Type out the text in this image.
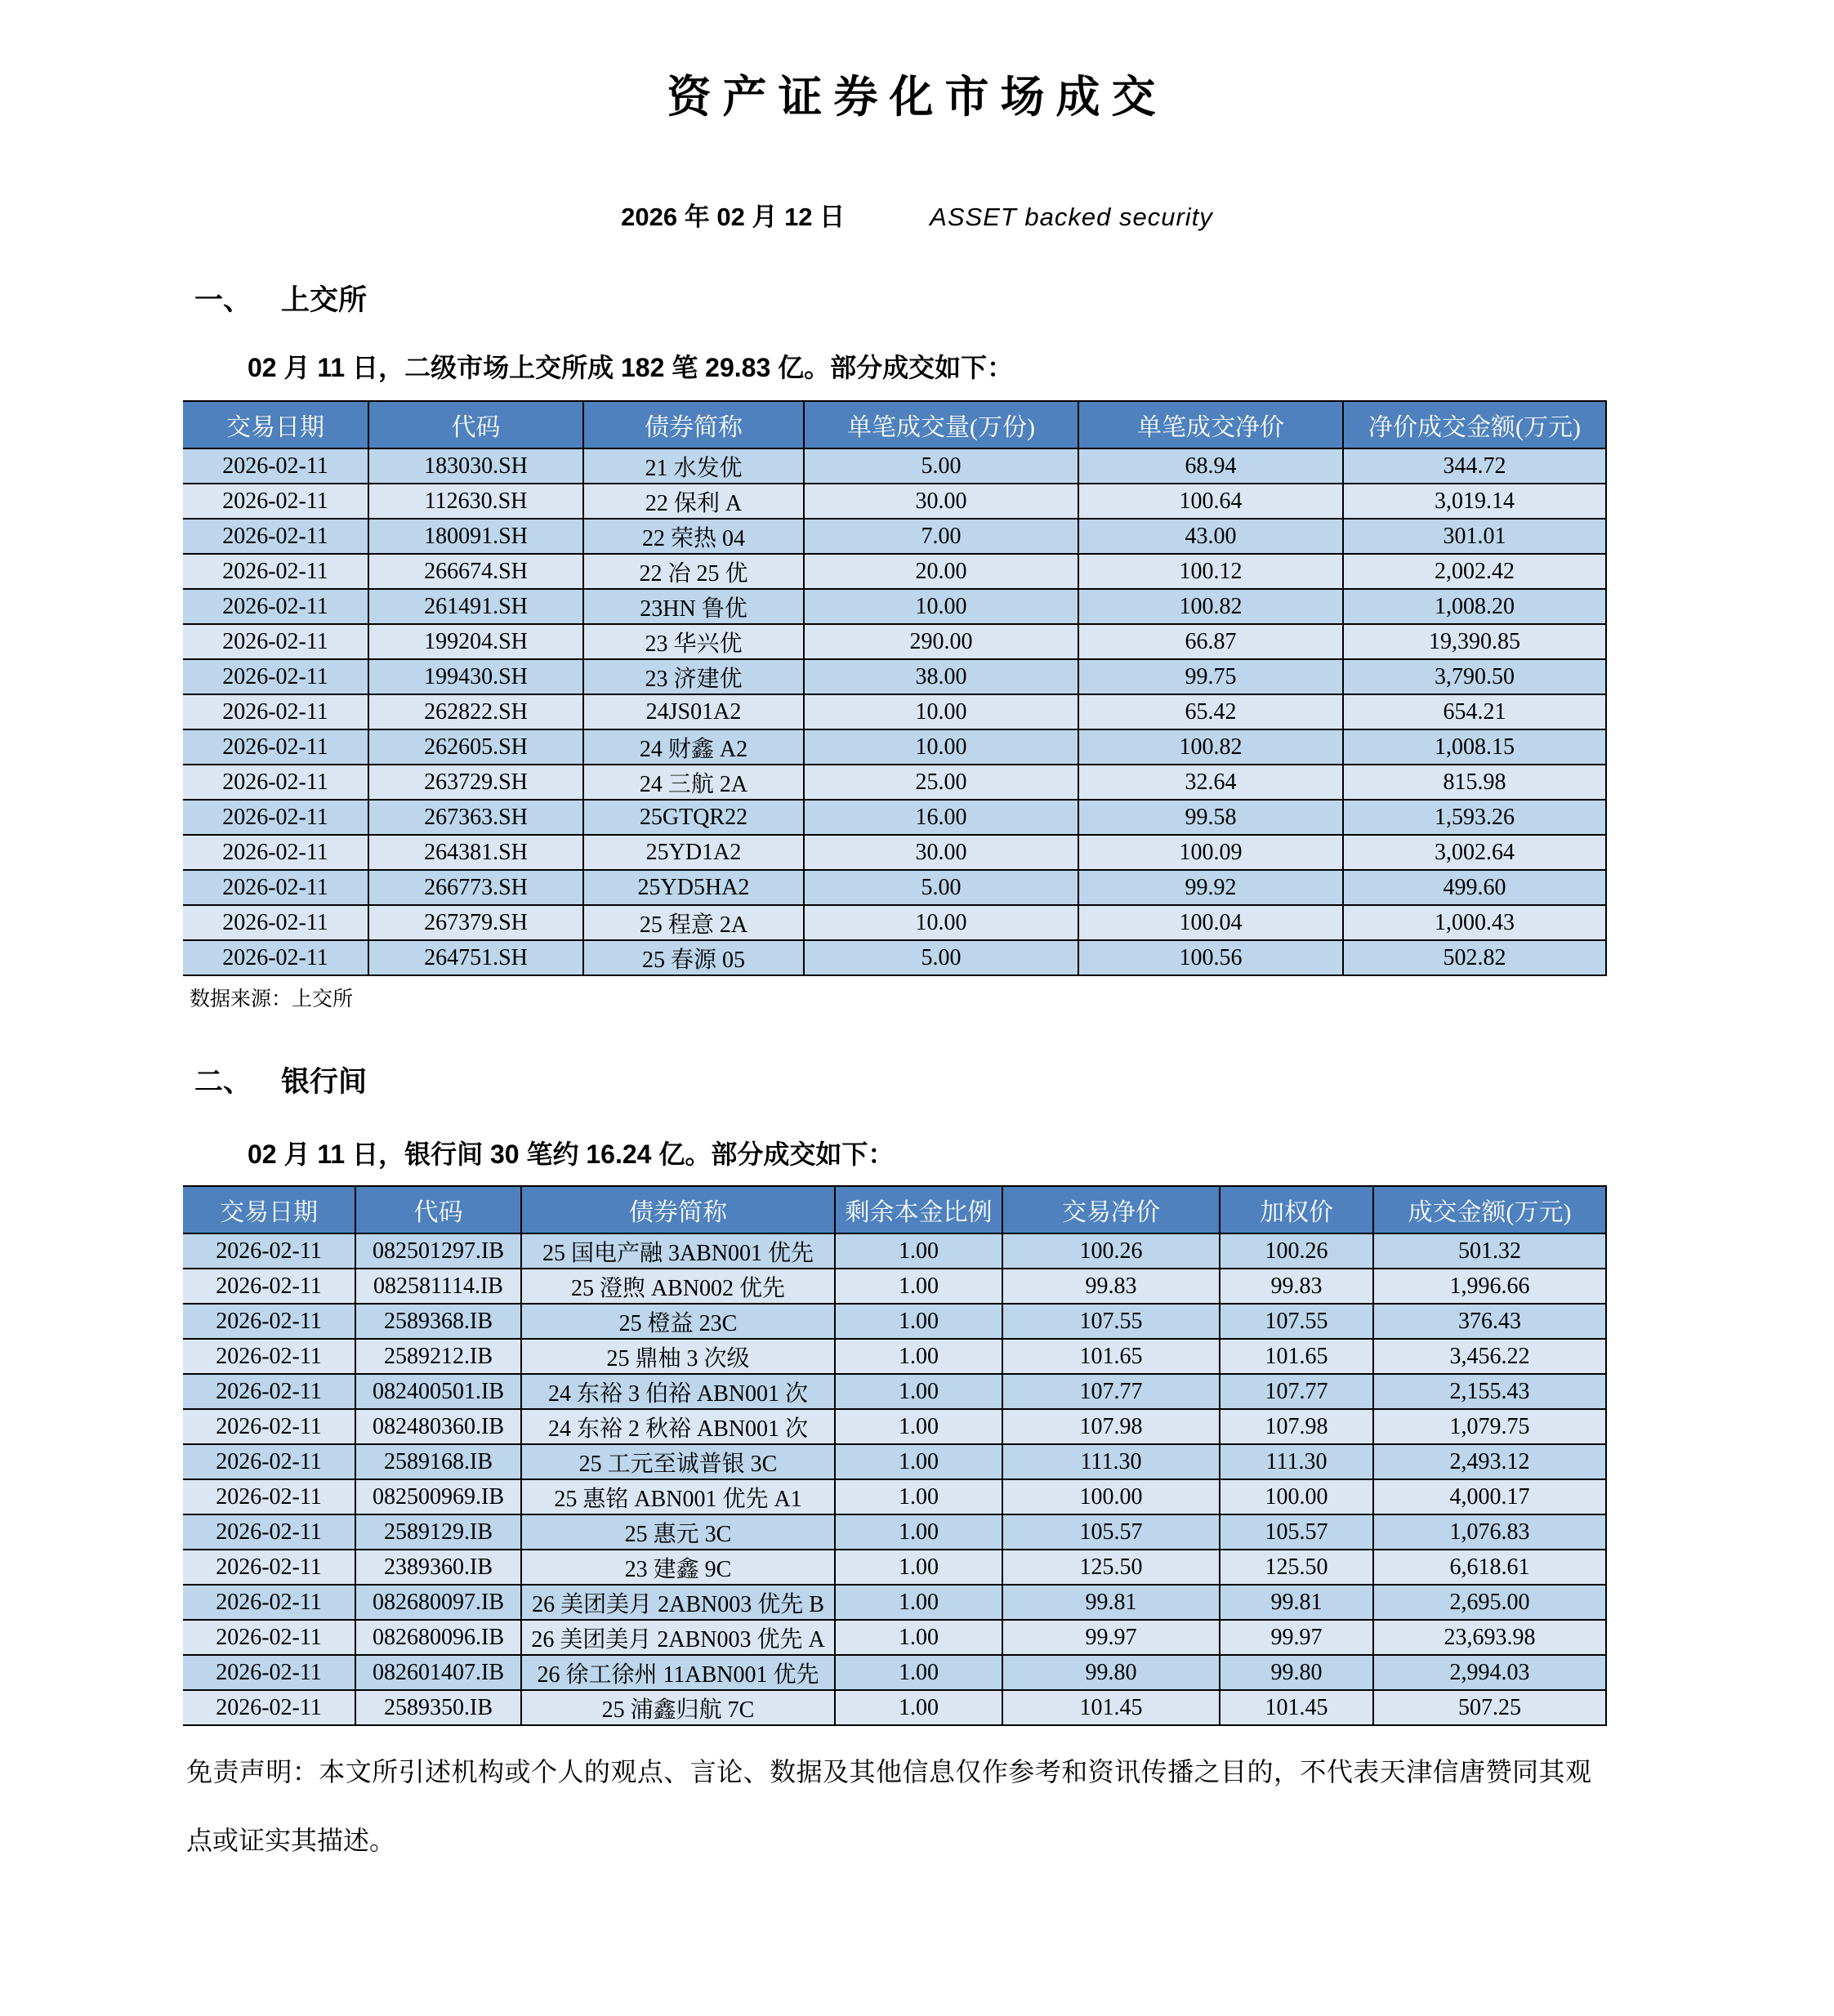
资产证券化市场成交
2026 年 02 月 12 日	ASSET backed security
一、 上交所

02 月 11 日，二级市场上交所成 182 笔 29.83 亿。部分成交如下：

交易日期	代码	债券简称	单笔成交量(万份)	单笔成交净价	净价成交金额(万元)
2026-02-11	183030.SH	21 水发优	5.00	68.94	344.72
2026-02-11	112630.SH	22 保利 A	30.00	100.64	3,019.14
2026-02-11	180091.SH	22 荣热 04	7.00	43.00	301.01
2026-02-11	266674.SH	22 冶 25 优	20.00	100.12	2,002.42
2026-02-11	261491.SH	23HN 鲁优	10.00	100.82	1,008.20
2026-02-11	199204.SH	23 华兴优	290.00	66.87	19,390.85
2026-02-11	199430.SH	23 济建优	38.00	99.75	3,790.50
2026-02-11	262822.SH	24JS01A2	10.00	65.42	654.21
2026-02-11	262605.SH	24 财鑫 A2	10.00	100.82	1,008.15
2026-02-11	263729.SH	24 三航 2A	25.00	32.64	815.98
2026-02-11	267363.SH	25GTQR22	16.00	99.58	1,593.26
2026-02-11	264381.SH	25YD1A2	30.00	100.09	3,002.64
2026-02-11	266773.SH	25YD5HA2	5.00	99.92	499.60
2026-02-11	267379.SH	25 程意 2A	10.00	100.04	1,000.43
2026-02-11	264751.SH	25 春源 05	5.00	100.56	502.82
数据来源：上交所
二、 银行间

02 月 11 日，银行间 30 笔约 16.24 亿。部分成交如下：

交易日期	代码	债券简称	剩余本金比例	交易净价	加权价	成交金额(万元)
2026-02-11	082501297.IB	25 国电产融 3ABN001 优先	1.00	100.26	100.26	501.32
2026-02-11	082581114.IB	25 澄煦 ABN002 优先	1.00	99.83	99.83	1,996.66
2026-02-11	2589368.IB	25 橙益 23C	1.00	107.55	107.55	376.43
2026-02-11	2589212.IB	25 鼎柚 3 次级	1.00	101.65	101.65	3,456.22
2026-02-11	082400501.IB	24 东裕 3 伯裕 ABN001 次	1.00	107.77	107.77	2,155.43
2026-02-11	082480360.IB	24 东裕 2 秋裕 ABN001 次	1.00	107.98	107.98	1,079.75
2026-02-11	2589168.IB	25 工元至诚普银 3C	1.00	111.30	111.30	2,493.12
2026-02-11	082500969.IB	25 惠铭 ABN001 优先 A1	1.00	100.00	100.00	4,000.17
2026-02-11	2589129.IB	25 惠元 3C	1.00	105.57	105.57	1,076.83
2026-02-11	2389360.IB	23 建鑫 9C	1.00	125.50	125.50	6,618.61
2026-02-11	082680097.IB	26 美团美月 2ABN003 优先 B	1.00	99.81	99.81	2,695.00
2026-02-11	082680096.IB	26 美团美月 2ABN003 优先 A	1.00	99.97	99.97	23,693.98
2026-02-11	082601407.IB	26 徐工徐州 11ABN001 优先	1.00	99.80	99.80	2,994.03
2026-02-11	2589350.IB	25 浦鑫归航 7C	1.00	101.45	101.45	507.25

免责声明：本文所引述机构或个人的观点、言论、数据及其他信息仅作参考和资讯传播之目的，不代表天津信唐赞同其观点或证实其描述。
